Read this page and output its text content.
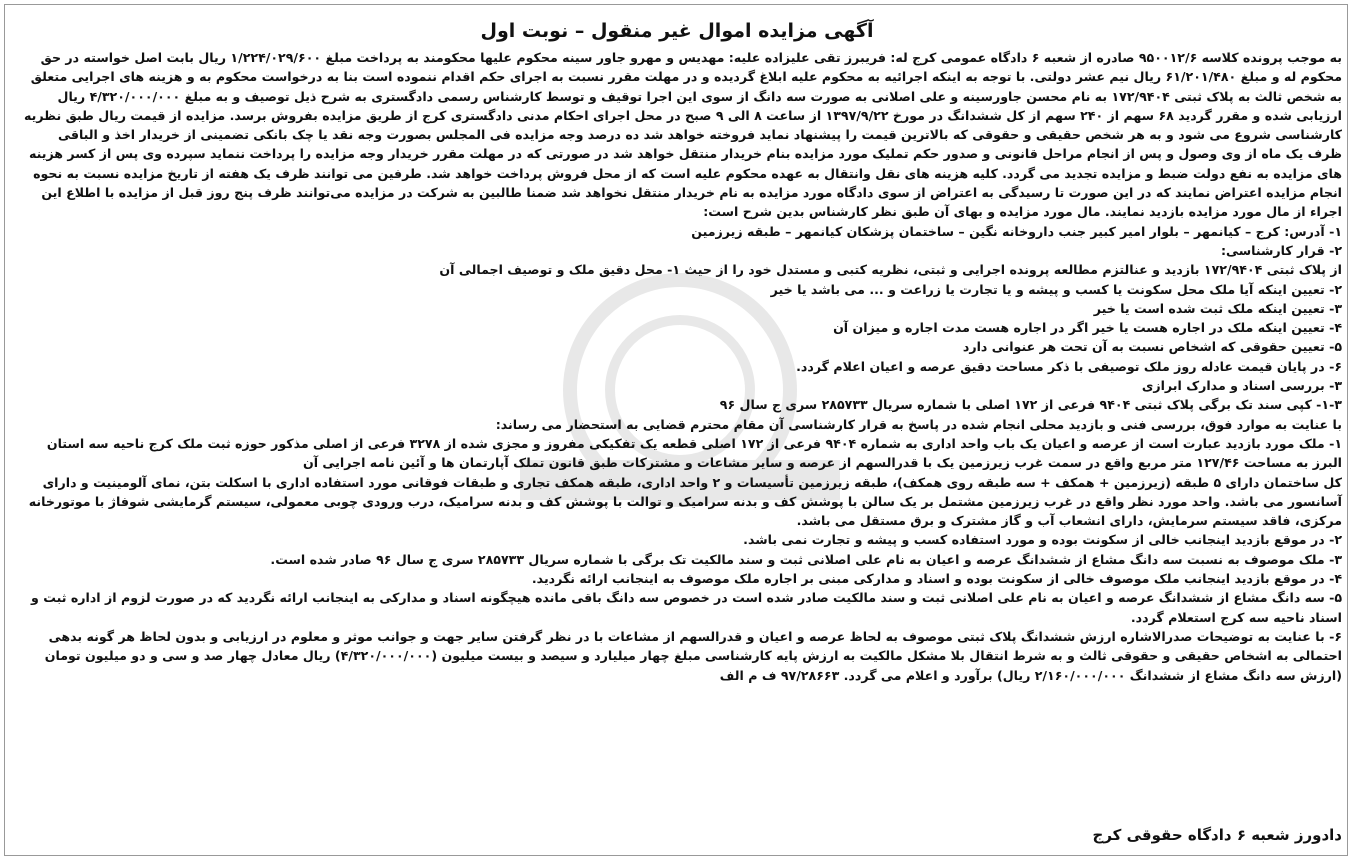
آگهی مزایده اموال غیر منقول – نوبت اول

به موجب پرونده کلاسه ۹۵۰۰۱۲/۶ صادره از شعبه ۶ دادگاه عمومی کرج له: فریبرز تقی علیزاده علیه: مهدیس و مهرو جاور سینه محکوم علیها محکومند به پرداخت مبلغ ۱/۲۲۴/۰۲۹/۶۰۰ ریال بابت اصل خواسته در حق محکوم له و مبلغ ۶۱/۲۰۱/۴۸۰ ریال نیم عشر دولتی. با توجه به اینکه اجرائیه به محکوم علیه ابلاغ گردیده و در مهلت مقرر نسبت به اجرای حکم اقدام ننموده است بنا به درخواست محکوم به و هزینه های اجرایی متعلق به شخص ثالث به پلاک ثبتی ۱۷۲/۹۴۰۴ به نام محسن جاورسینه و علی اصلانی به صورت سه دانگ از سوی این اجرا توقیف و توسط کارشناس رسمی دادگستری به شرح ذیل توصیف و به مبلغ ۴/۳۲۰/۰۰۰/۰۰۰ ریال ارزیابی شده و مقرر گردید ۶۸ سهم از ۲۴۰ سهم از کل ششدانگ در مورخ ۱۳۹۷/۹/۲۲ از ساعت ۸ الی ۹ صبح در محل اجرای احکام مدنی دادگستری کرج از طریق مزایده بفروش برسد. مزایده از قیمت ریال طبق نظریه کارشناسی شروع می شود و به هر شخص حقیقی و حقوقی که بالاترین قیمت را پیشنهاد نماید فروخته خواهد شد ده درصد وجه مزایده فی المجلس بصورت وجه نقد یا چک بانکی تضمینی از خریدار اخذ و الباقی ظرف یک ماه از وی وصول و پس از انجام مراحل قانونی و صدور حکم تملیک مورد مزایده بنام خریدار منتقل خواهد شد در صورتی که در مهلت مقرر خریدار وجه مزایده را پرداخت ننماید سپرده وی پس از کسر هزینه های مزایده به نفع دولت ضبط و مزایده تجدید می گردد. کلیه هزینه های نقل وانتقال به عهده محکوم علیه است که از محل فروش پرداخت خواهد شد. طرفین می توانند ظرف یک هفته از تاریخ مزایده نسبت به نحوه انجام مزایده اعتراض نمایند که در این صورت تا رسیدگی به اعتراض از سوی دادگاه مورد مزایده به نام خریدار منتقل نخواهد شد ضمنا طالبین به شرکت در مزایده می‌توانند ظرف پنج روز قبل از مزایده با اطلاع این اجراء از مال مورد مزایده بازدید نمایند. مال مورد مزایده و بهای آن طبق نظر کارشناس بدین شرح است:

۱- آدرس: کرج – کیانمهر – بلوار امیر کبیر جنب داروخانه نگین – ساختمان پزشکان کیانمهر – طبقه زیرزمین

۲- قرار کارشناسی:

از پلاک ثبتی ۱۷۲/۹۴۰۴ بازدید و عنالتزم مطالعه پرونده اجرایی و ثبتی، نظریه کتبی و مستدل خود را از حیث ۱- محل دقیق ملک و توصیف اجمالی آن

۲- تعیین اینکه آیا ملک محل سکونت یا کسب و پیشه و یا تجارت یا زراعت و ... می باشد یا خیر

۳- تعیین اینکه ملک ثبت شده است یا خیر

۴- تعیین اینکه ملک در اجاره هست یا خیر اگر در اجاره هست مدت اجاره و میزان آن

۵- تعیین حقوقی که اشخاص نسبت به آن تحت هر عنوانی دارد

۶- در پایان قیمت عادله روز ملک توصیفی با ذکر مساحت دقیق عرصه و اعیان اعلام گردد.

۳- بررسی اسناد و مدارک ابرازی

۱-۳- کپی سند تک برگی پلاک ثبتی ۹۴۰۴ فرعی از ۱۷۲ اصلی با شماره سریال ۲۸۵۷۳۳ سری ج سال ۹۶

با عنایت به موارد فوق، بررسی فنی و بازدید محلی انجام شده در پاسخ به قرار کارشناسی آن مقام محترم قضایی به استحضار می رساند:

۱- ملک مورد بازدید عبارت است از عرصه و اعیان یک باب واحد اداری به شماره ۹۴۰۴ فرعی از ۱۷۲ اصلی قطعه یک تفکیکی مفروز و مجزی شده از ۳۲۷۸ فرعی از اصلی مذکور حوزه ثبت ملک کرج ناحیه سه استان البرز به مساحت ۱۲۷/۴۶ متر مربع واقع در سمت غرب زیرزمین یک با قدرالسهم از عرصه و سایر مشاعات و مشترکات طبق قانون تملک آپارتمان ها و آئین نامه اجرایی آن

کل ساختمان دارای ۵ طبقه (زیرزمین + همکف + سه طبقه روی همکف)، طبقه زیرزمین تأسیسات و ۲ واحد اداری، طبقه همکف تجاری و طبقات فوقانی مورد استفاده اداری با اسکلت بتن، نمای آلومینیت و دارای آسانسور می باشد. واحد مورد نظر واقع در غرب زیرزمین مشتمل بر یک سالن با پوشش کف و بدنه سرامیک و توالت با پوشش کف و بدنه سرامیک، درب ورودی چوبی معمولی، سیستم گرمایشی شوفاژ با موتورخانه مرکزی، فاقد سیستم سرمایش، دارای انشعاب آب و گاز مشترک و برق مستقل می باشد.

۲- در موقع بازدید اینجانب خالی از سکونت بوده و مورد استفاده کسب و پیشه و تجارت نمی باشد.

۳- ملک موصوف به نسبت سه دانگ مشاع از ششدانگ عرصه و اعیان به نام علی اصلانی ثبت و سند مالکیت تک برگی با شماره سریال ۲۸۵۷۳۳ سری ج سال ۹۶ صادر شده است.

۴- در موقع بازدید اینجانب ملک موصوف خالی از سکونت بوده و اسناد و مدارکی مبنی بر اجاره ملک موصوف به اینجانب ارائه نگردید.

۵- سه دانگ مشاع از ششدانگ عرصه و اعیان به نام علی اصلانی ثبت و سند مالکیت صادر شده است در خصوص سه دانگ باقی مانده هیچگونه اسناد و مدارکی به اینجانب ارائه نگردید که در صورت لزوم از اداره ثبت و اسناد ناحیه سه کرج استعلام گردد.

۶- با عنایت به توضیحات صدرالاشاره ارزش ششدانگ پلاک ثبتی موصوف به لحاظ عرصه و اعیان و قدرالسهم از مشاعات با در نظر گرفتن سایر جهت و جوانب موثر و معلوم در ارزیابی و بدون لحاظ هر گونه بدهی احتمالی به اشخاص حقیقی و حقوقی ثالث و به شرط انتقال بلا مشکل مالکیت به ارزش پایه کارشناسی مبلغ چهار میلیارد و سیصد و بیست میلیون (۴/۳۲۰/۰۰۰/۰۰۰) ریال معادل چهار صد و سی و دو میلیون تومان (ارزش سه دانگ مشاع از ششدانگ ۲/۱۶۰/۰۰۰/۰۰۰ ریال) برآورد و اعلام می گردد. ۹۷/۲۸۶۶۳ ف م الف

دادورز شعبه ۶ دادگاه حقوقی کرج
